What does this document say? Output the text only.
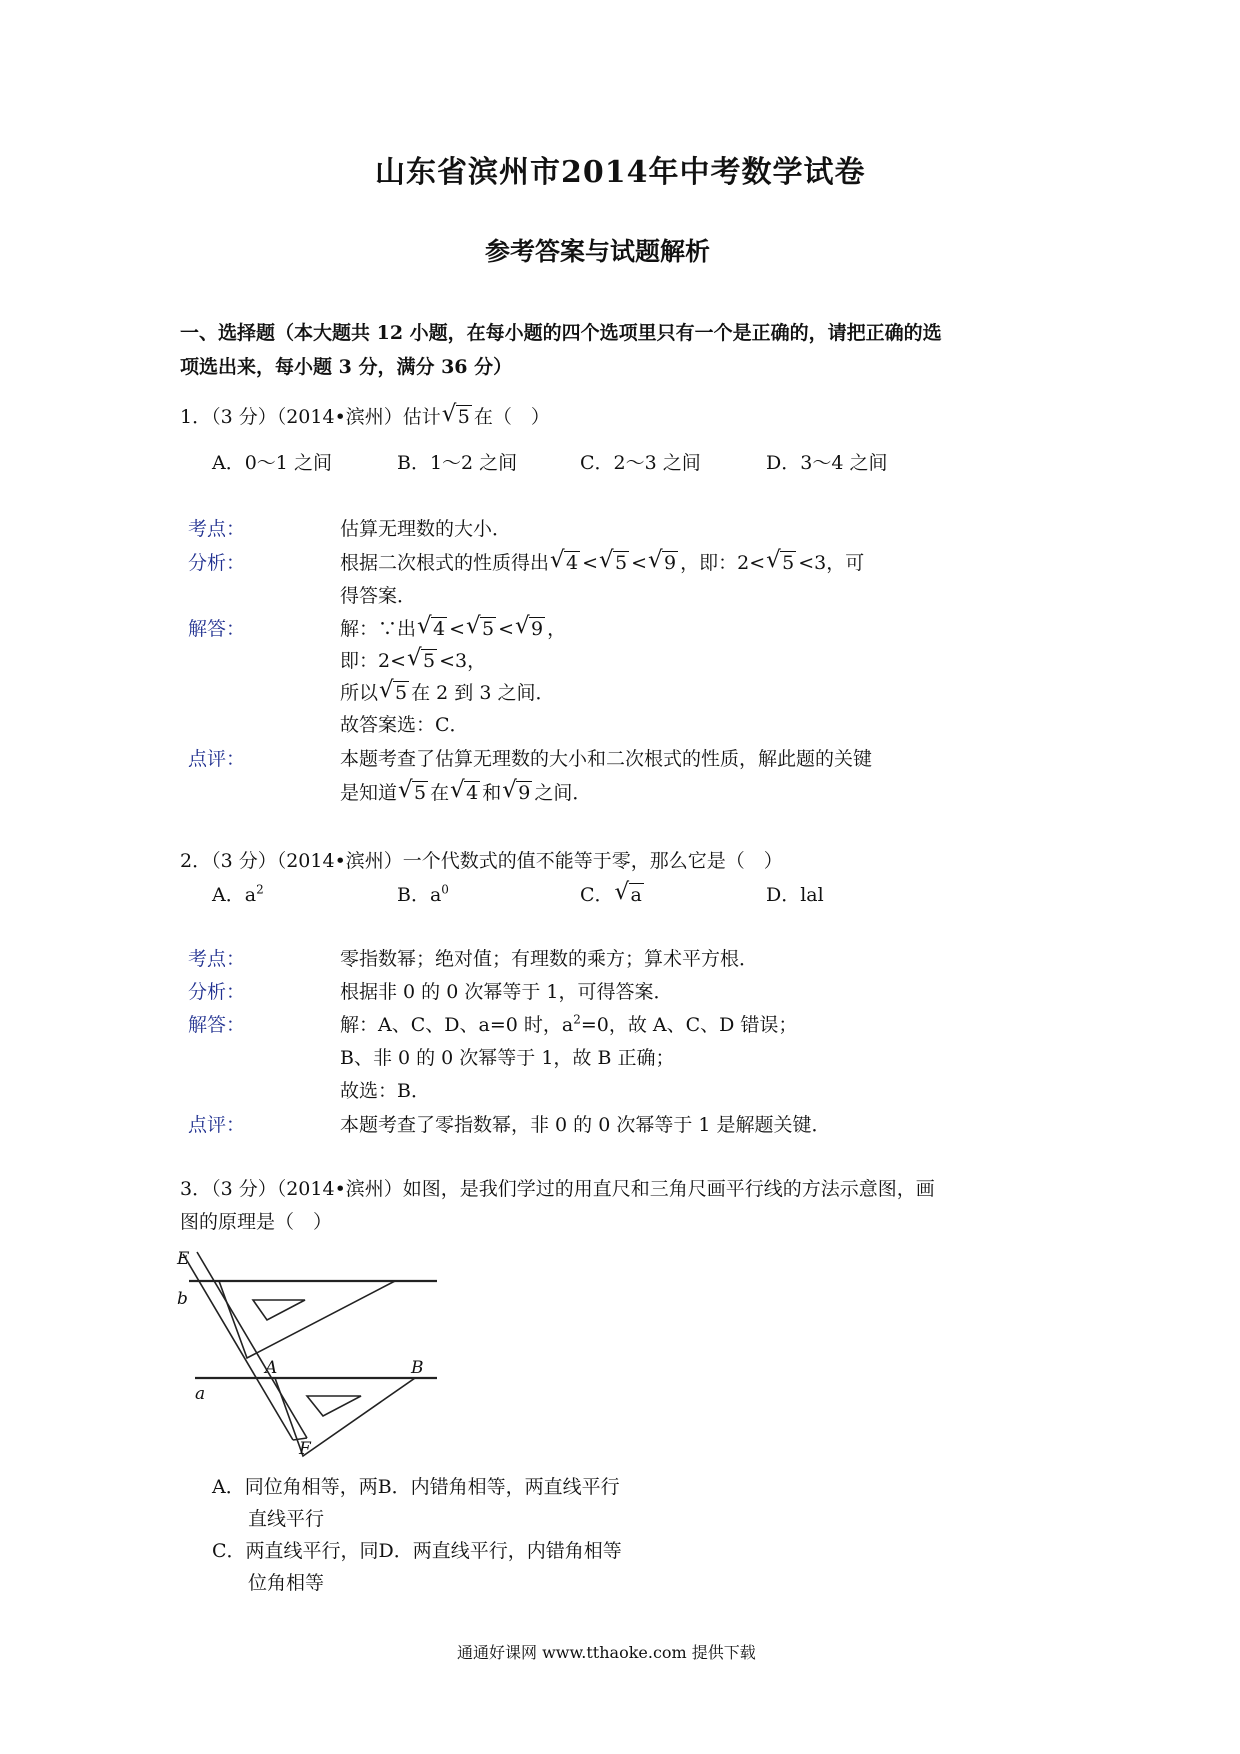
山东省滨州市2014年中考数学试卷
参考答案与试题解析
一、选择题（本大题共 12 小题，在每小题的四个选项里只有一个是正确的，请把正确的选
项选出来，每小题 3 分，满分 36 分）
1．（3 分）（2014•滨州）估计 √ 5 在（　）
A．0～1 之间	B．1～2 之间	C．2～3 之间	D．3～4 之间
考点：	估算无理数的大小．
分析：	根据二次根式的性质得出 √ 4 < √ 5 < √ 9 ，即：2< √ 5 <3，可
得答案．
解答：	解：∵出 √ 4 < √ 5 < √ 9 ，
即：2< √ 5 <3，
所以 √ 5 在 2 到 3 之间．
故答案选：C．
点评：	本题考查了估算无理数的大小和二次根式的性质，解此题的关键
是知道 √ 5 在 √ 4 和 √ 9 之间．
2．（3 分）（2014•滨州）一个代数式的值不能等于零，那么它是（　）
A．$a^2$	B．$a^0$	C． √ a	D．lal
考点：	零指数幂；绝对值；有理数的乘方；算术平方根．
分析：	根据非 0 的 0 次幂等于 1，可得答案．
解答：	解：A、C、D、a=0 时，$a^2=0$，故 A、C、D 错误；
B、非 0 的 0 次幂等于 1，故 B 正确；
故选：B．
点评：	本题考查了零指数幂，非 0 的 0 次幂等于 1 是解题关键．
3．（3 分）（2014•滨州）如图，是我们学过的用直尺和三角尺画平行线的方法示意图，画
图的原理是（　）
E
b
A	B
a
F
A．同位角相等，两B．内错角相等，两直线平行
直线平行
C．两直线平行，同D．两直线平行，内错角相等
位角相等
通通好课网 www.tthaoke.com 提供下载
